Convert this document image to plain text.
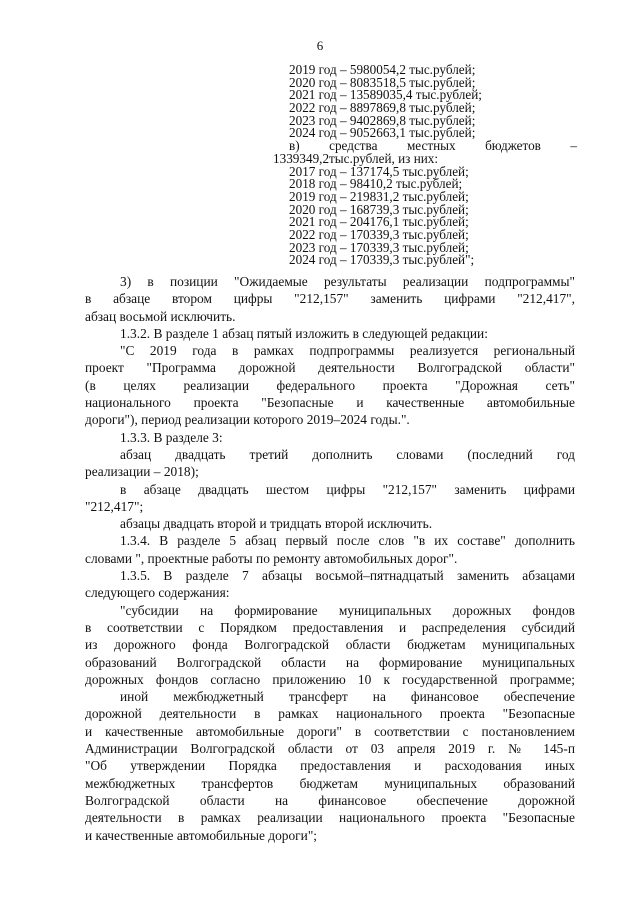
6
2019 год – 5980054,2 тыс.рублей;
2020 год – 8083518,5 тыс.рублей;
2021 год – 13589035,4 тыс.рублей;
2022 год – 8897869,8 тыс.рублей;
2023 год – 9402869,8 тыс.рублей;
2024 год – 9052663,1 тыс.рублей;
в) средства местных бюджетов –
1339349,2тыс.рублей, из них:
2017 год – 137174,5 тыс.рублей;
2018 год – 98410,2 тыс.рублей;
2019 год – 219831,2 тыс.рублей;
2020 год – 168739,3 тыс.рублей;
2021 год – 204176,1 тыс.рублей;
2022 год – 170339,3 тыс.рублей;
2023 год – 170339,3 тыс.рублей;
2024 год – 170339,3 тыс.рублей";
3) в позиции "Ожидаемые результаты реализации подпрограммы"
в абзаце втором цифры "212,157" заменить цифрами "212,417",
абзац восьмой исключить.
1.3.2. В разделе 1 абзац пятый изложить в следующей редакции:
"С 2019 года в рамках подпрограммы реализуется региональный
проект "Программа дорожной деятельности Волгоградской области"
(в целях реализации федерального проекта "Дорожная сеть"
национального проекта "Безопасные и качественные автомобильные
дороги"), период реализации которого 2019–2024 годы.".
1.3.3. В разделе 3:
абзац двадцать третий дополнить словами (последний год
реализации – 2018);
в абзаце двадцать шестом цифры "212,157" заменить цифрами
"212,417";
абзацы двадцать второй и тридцать второй исключить.
1.3.4. В разделе 5 абзац первый после слов "в их составе" дополнить
словами ", проектные работы по ремонту автомобильных дорог".
1.3.5. В разделе 7 абзацы восьмой–пятнадцатый заменить абзацами
следующего содержания:
"субсидии на формирование муниципальных дорожных фондов
в соответствии с Порядком предоставления и распределения субсидий
из дорожного фонда Волгоградской области бюджетам муниципальных
образований Волгоградской области на формирование муниципальных
дорожных фондов согласно приложению 10 к государственной программе;
иной межбюджетный трансферт на финансовое обеспечение
дорожной деятельности в рамках национального проекта "Безопасные
и качественные автомобильные дороги" в соответствии с постановлением
Администрации Волгоградской области от 03 апреля 2019 г. № 145-п
"Об утверждении Порядка предоставления и расходования иных
межбюджетных трансфертов бюджетам муниципальных образований
Волгоградской области на финансовое обеспечение дорожной
деятельности в рамках реализации национального проекта "Безопасные
и качественные автомобильные дороги";
